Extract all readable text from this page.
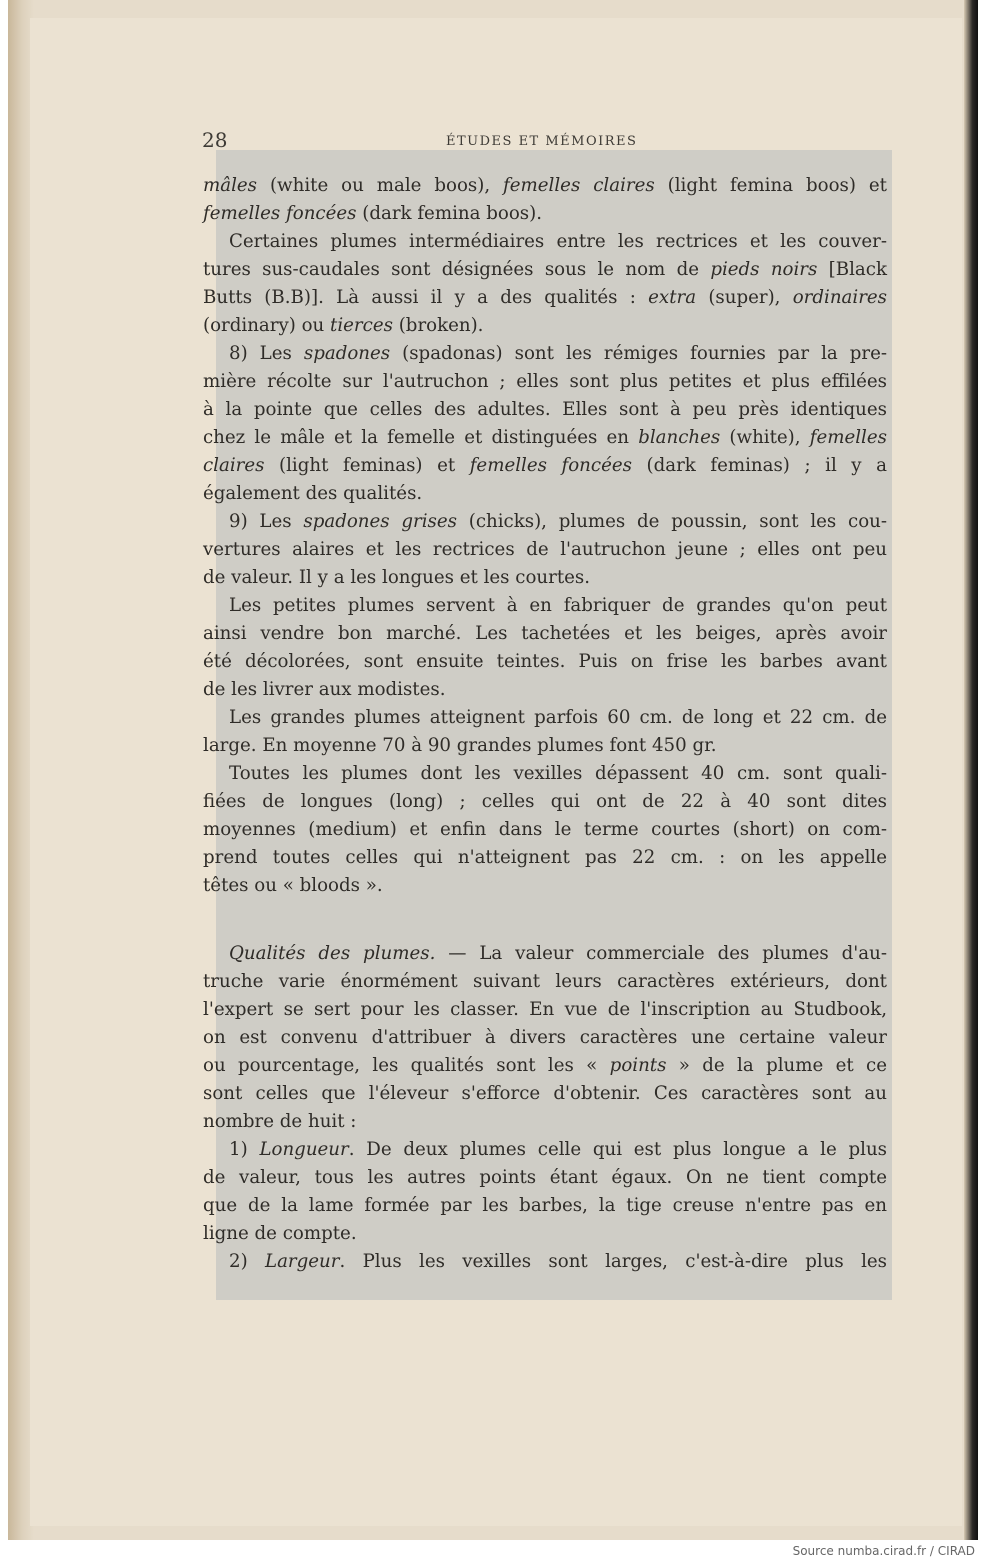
28	ÉTUDES ET MÉMOIRES
mâles (white ou male boos), femelles claires (light femina boos) et
femelles foncées (dark femina boos).
Certaines plumes intermédiaires entre les rectrices et les couver-
tures sus-caudales sont désignées sous le nom de pieds noirs [Black
Butts (B.B)]. Là aussi il y a des qualités : extra (super), ordinaires
(ordinary) ou tierces (broken).
8) Les spadones (spadonas) sont les rémiges fournies par la pre-
mière récolte sur l'autruchon ; elles sont plus petites et plus effilées
à la pointe que celles des adultes. Elles sont à peu près identiques
chez le mâle et la femelle et distinguées en blanches (white), femelles
claires (light feminas) et femelles foncées (dark feminas) ; il y a
également des qualités.
9) Les spadones grises (chicks), plumes de poussin, sont les cou-
vertures alaires et les rectrices de l'autruchon jeune ; elles ont peu
de valeur. Il y a les longues et les courtes.
Les petites plumes servent à en fabriquer de grandes qu'on peut
ainsi vendre bon marché. Les tachetées et les beiges, après avoir
été décolorées, sont ensuite teintes. Puis on frise les barbes avant
de les livrer aux modistes.
Les grandes plumes atteignent parfois 60 cm. de long et 22 cm. de
large. En moyenne 70 à 90 grandes plumes font 450 gr.
Toutes les plumes dont les vexilles dépassent 40 cm. sont quali-
fiées de longues (long) ; celles qui ont de 22 à 40 sont dites
moyennes (medium) et enfin dans le terme courtes (short) on com-
prend toutes celles qui n'atteignent pas 22 cm. : on les appelle
têtes ou « bloods ».
Qualités des plumes. — La valeur commerciale des plumes d'au-
truche varie énormément suivant leurs caractères extérieurs, dont
l'expert se sert pour les classer. En vue de l'inscription au Studbook,
on est convenu d'attribuer à divers caractères une certaine valeur
ou pourcentage, les qualités sont les « points » de la plume et ce
sont celles que l'éleveur s'efforce d'obtenir. Ces caractères sont au
nombre de huit :
1) Longueur. De deux plumes celle qui est plus longue a le plus
de valeur, tous les autres points étant égaux. On ne tient compte
que de la lame formée par les barbes, la tige creuse n'entre pas en
ligne de compte.
2) Largeur. Plus les vexilles sont larges, c'est-à-dire plus les
Source numba.cirad.fr / CIRAD
